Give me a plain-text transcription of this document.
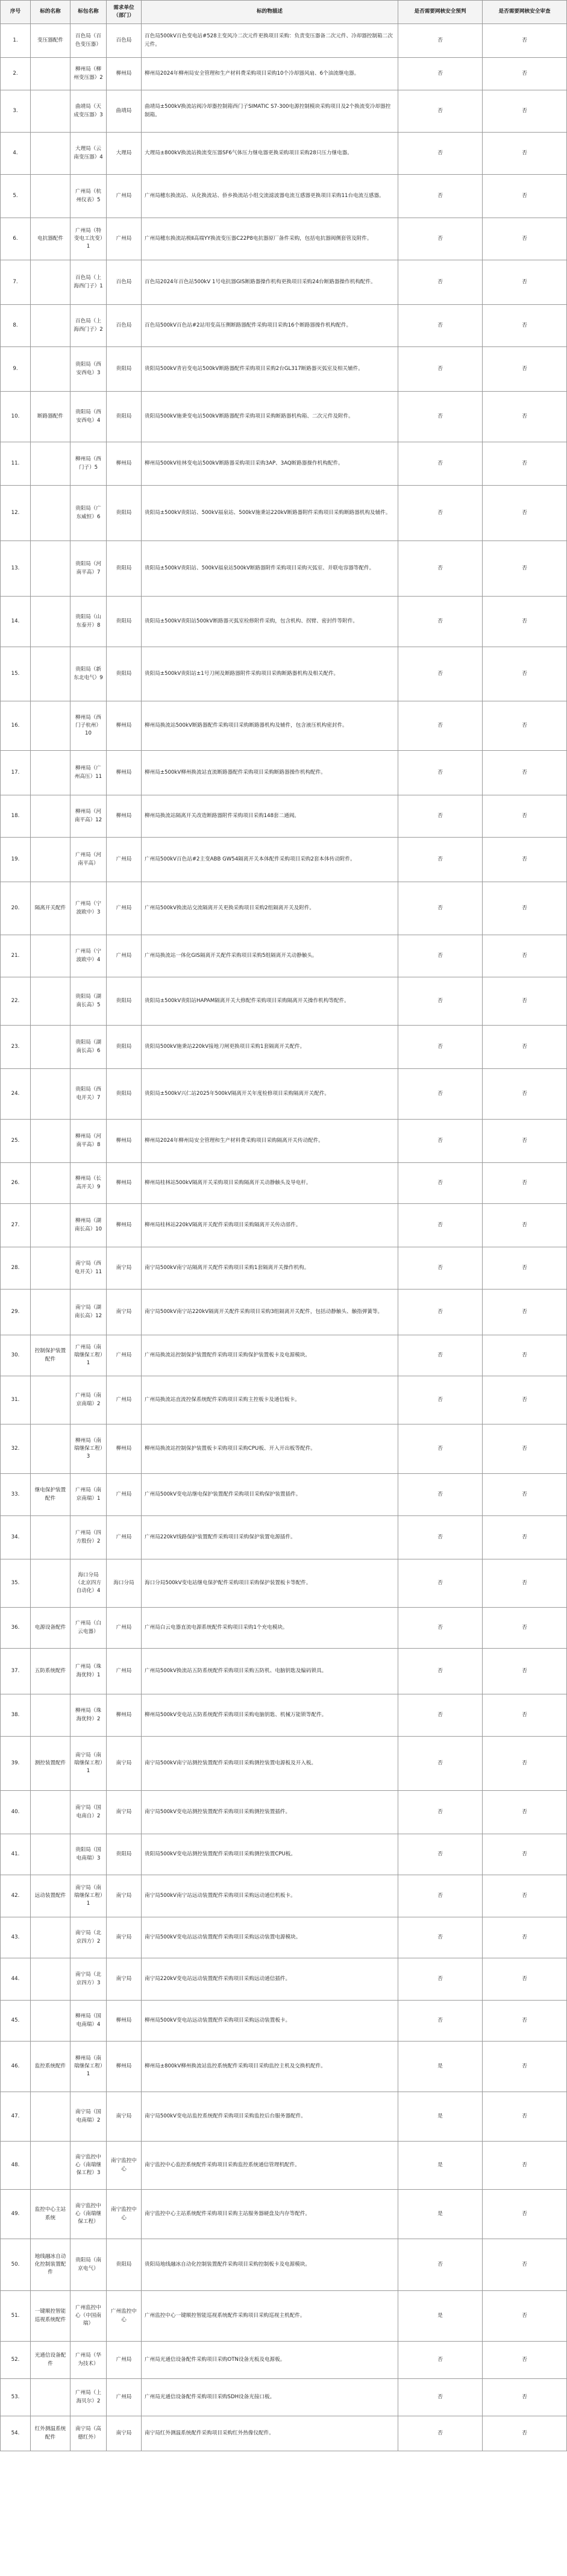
序号	标的名称	标包名称	需求单位（部门）	标的物描述	是否需要网核安全预判	是否需要网核安全审查
1.	变压器配件	百色局（百色变压器）	百色局	百色局500kV百色变电站#528主变风冷二次元件更换项目采购：负责变压器备二次元件、冷却器控制箱二次元件。	否	否
2.		柳州局（柳州变压器）2	柳州局	柳州局2024年柳州局安全管理和生产材料费采购项目采购10个冷却器风扇、6个油流继电器。	否	否
3.		曲靖局（天成变压器）3	曲靖局	曲靖局±500kV换流站阀冷却器控制箱西门子SIMATIC S7-300电源控制模块采购项目及2个换流变冷却器控制箱。	否	否
4.		大理局（云南变压器）4	大理局	大理局±800kV换流站换流变压器SF6气体压力继电器更换采购项目采购28只压力继电器。	否	否
5.		广州局（杭州仪表）5	广州局	广州局穗东换流站、从化换流站、侨乡换流站小组交流滤波器电流互感器更换项目采购11台电流互感器。	否	否
6.	电抗器配件	广州局（特变电工沈变）1	广州局	广州局穗东换流站极Ⅱ高端YY换流变压器C22P8电抗器原厂备件采购，包括电抗器阀侧套管及附件。	否	否
7.		百色局（上海西门子）1	百色局	百色局2024年百色站500kV 1号电抗器GIS断路器操作机构更换项目采购24台断路器操作机构配件。	否	否
8.		百色局（上海西门子）2	百色局	百色局500kV百色站#2站用变高压侧断路器配件采购项目采购16个断路器操作机构配件。	否	否
9.		贵阳局（西安西电）3	贵阳局	贵阳局500kV青岩变电站500kV断路器配件采购项目采购2台GL317断路器灭弧室及相关辅件。	否	否
10.	断路器配件	贵阳局（西安西电）4	贵阳局	贵阳局500kV施秉变电站500kV断路器配件采购项目采购断路器机构箱、二次元件及附件。	否	否
11.		柳州局（西门子）5	柳州局	柳州局500kV桂林变电站500kV断路器采购项目采购3AP、3AQ断路器操作机构配件。	否	否
12.		贵阳局（广东威恒）6	贵阳局	贵阳局±500kV贵阳站、500kV福泉站、500kV施秉站220kV断路器附件采购项目采购断路器机构及辅件。	否	否
13.		贵阳局（河南平高）7	贵阳局	贵阳局±500kV贵阳站、500kV福泉站500kV断路器附件采购项目采购灭弧室、并联电容器等配件。	否	否
14.		贵阳局（山东泰开）8	贵阳局	贵阳局±500kV贵阳站500kV断路器灭弧室检修附件采购，包含机构、拐臂、密封件等附件。	否	否
15.		贵阳局（新东北电气）9	贵阳局	贵阳局±500kV贵阳站±1号刀闸及断路器附件采购项目采购断路器机构及相关配件。	否	否
16.		柳州局（西门子杭州）10	柳州局	柳州局换流站500kV断路器配件采购项目采购断路器机构及辅件，包含液压机构密封件。	否	否
17.		柳州局（广州高压）11	柳州局	柳州局±500kV柳州换流站直流断路器配件采购项目采购断路器操作机构配件。	否	否
18.		柳州局（河南平高）12	柳州局	柳州局换流站隔离开关改造断路器附件采购项目采购148套二通阀。	否	否
19.		广州局（河南平高）	广州局	广州局500kV百色站#2主变ABB GW54隔离开关本体配件采购项目采购2套本体传动附件。	否	否
20.	隔离开关配件	广州局（宁波欧中）3	广州局	广州局500kV换流站交流隔离开关更换采购项目采购2组隔离开关及附件。	否	否
21.		广州局（宁波欧中）4	广州局	广州局换流站一体化GIS隔离开关配件采购项目采购5组隔离开关动静触头。	否	否
22.		贵阳局（湖南长高）5	贵阳局	贵阳局±500kV贵阳站HAPAM隔离开关大修配件采购项目采购隔离开关操作机构等配件。	否	否
23.		贵阳局（湖南长高）6	贵阳局	贵阳局500kV施秉站220kV接地刀闸更换项目采购1套隔离开关配件。	否	否
24.		贵阳局（西电开关）7	贵阳局	贵阳局±500kV兴仁站2025年500kV隔离开关年度检修项目采购隔离开关配件。	否	否
25.		柳州局（河南平高）8	柳州局	柳州局2024年柳州局安全管理和生产材料费采购项目采购隔离开关传动配件。	否	否
26.		柳州局（长高开关）9	柳州局	柳州局桂林站500kV隔离开关采购项目采购隔离开关动静触头及导电杆。	否	否
27.		柳州局（湖南长高）10	柳州局	柳州局桂林站220kV隔离开关配件采购项目采购隔离开关传动部件。	否	否
28.		南宁局（西电开关）11	南宁局	南宁局500kV南宁站隔离开关配件采购项目采购1套隔离开关操作机构。	否	否
29.		南宁局（湖南长高）12	南宁局	南宁局500kV南宁站220kV隔离开关配件采购项目采购3组隔离开关配件，包括动静触头、触指弹簧等。	否	否
30.	控制保护装置配件	广州局（南瑞继保工程）1	广州局	广州局换流站控制保护装置配件采购项目采购保护装置板卡及电源模块。	否	否
31.		广州局（南京南瑞）2	广州局	广州局换流站直流控保系统配件采购项目采购主控板卡及通信板卡。	否	否
32.		柳州局（南瑞继保工程）3	柳州局	柳州局换流站控制保护装置板卡采购项目采购CPU板、开入开出板等配件。	否	否
33.	继电保护装置配件	广州局（南京南瑞）1	广州局	广州局500kV变电站继电保护装置配件采购项目采购保护装置插件。	否	否
34.		广州局（四方股份）2	广州局	广州局220kV线路保护装置配件采购项目采购保护装置电源插件。	否	否
35.		海口分局（北京四方自动化）4	海口分局	海口分局500kV变电站继电保护配件采购项目采购保护装置板卡等配件。	否	否
36.	电源设备配件	广州局（白云电器）	广州局	广州局白云电器直流电源系统配件采购项目采购1个充电模块。	否	否
37.	五防系统配件	广州局（珠海优特）1	广州局	广州局500kV换流站五防系统配件采购项目采购五防机、电脑钥匙及编码锁具。	否	否
38.		柳州局（珠海优特）2	柳州局	柳州局500kV变电站五防系统配件采购项目采购电脑钥匙、机械万能锁等配件。	否	否
39.	测控装置配件	南宁局（南瑞继保工程）1	南宁局	南宁局500kV南宁站测控装置配件采购项目采购测控装置电源板及开入板。	否	否
40.		南宁局（国电南自）2	南宁局	南宁局500kV变电站测控装置配件采购项目采购测控装置插件。	否	否
41.		贵阳局（国电南瑞）3	贵阳局	贵阳局500kV变电站测控装置配件采购项目采购测控装置CPU板。	否	否
42.	远动装置配件	南宁局（南瑞继保工程）1	南宁局	南宁局500kV南宁站远动装置配件采购项目采购远动通信机板卡。	否	否
43.		南宁局（北京四方）2	南宁局	南宁局500kV变电站远动装置配件采购项目采购远动装置电源模块。	否	否
44.		南宁局（北京四方）3	南宁局	南宁局220kV变电站远动装置配件采购项目采购远动通信插件。	否	否
45.		柳州局（国电南瑞）4	柳州局	柳州局500kV变电站远动装置配件采购项目采购远动装置板卡。	否	否
46.	监控系统配件	柳州局（南瑞继保工程）1	柳州局	柳州局±800kV柳州换流站监控系统配件采购项目采购监控主机及交换机配件。	是	否
47.		南宁局（国电南瑞）2	南宁局	南宁局500kV变电站监控系统配件采购项目采购监控后台服务器配件。	是	否
48.		南宁监控中心（南瑞继保工程）3	南宁监控中心	南宁监控中心监控系统配件采购项目采购监控系统通信管理机配件。	是	否
49.	监控中心主站系统	南宁监控中心（南瑞继保工程）	南宁监控中心	南宁监控中心主站系统配件采购项目采购主站服务器硬盘及内存等配件。	是	否
50.	地线融冰自动化控制装置配件	贵阳局（南京电气）	贵阳局	贵阳局地线融冰自动化控制装置配件采购项目采购控制板卡及电源模块。	否	否
51.	一键顺控智能巡视系统配件	广州监控中心（中国南瑞）	广州监控中心	广州监控中心一键顺控智能巡视系统配件采购项目采购巡视主机配件。	是	否
52.	光通信设备配件	广州局（华为技术）	广州局	广州局光通信设备配件采购项目采购OTN设备光板及电源板。	否	否
53.		广州局（上海贝尔）2	广州局	广州局光通信设备配件采购项目采购SDH设备光接口板。	否	否
54.	红外测温系统配件	南宁局（高德红外）	南宁局	南宁局红外测温系统配件采购项目采购红外热像仪配件。	否	否
